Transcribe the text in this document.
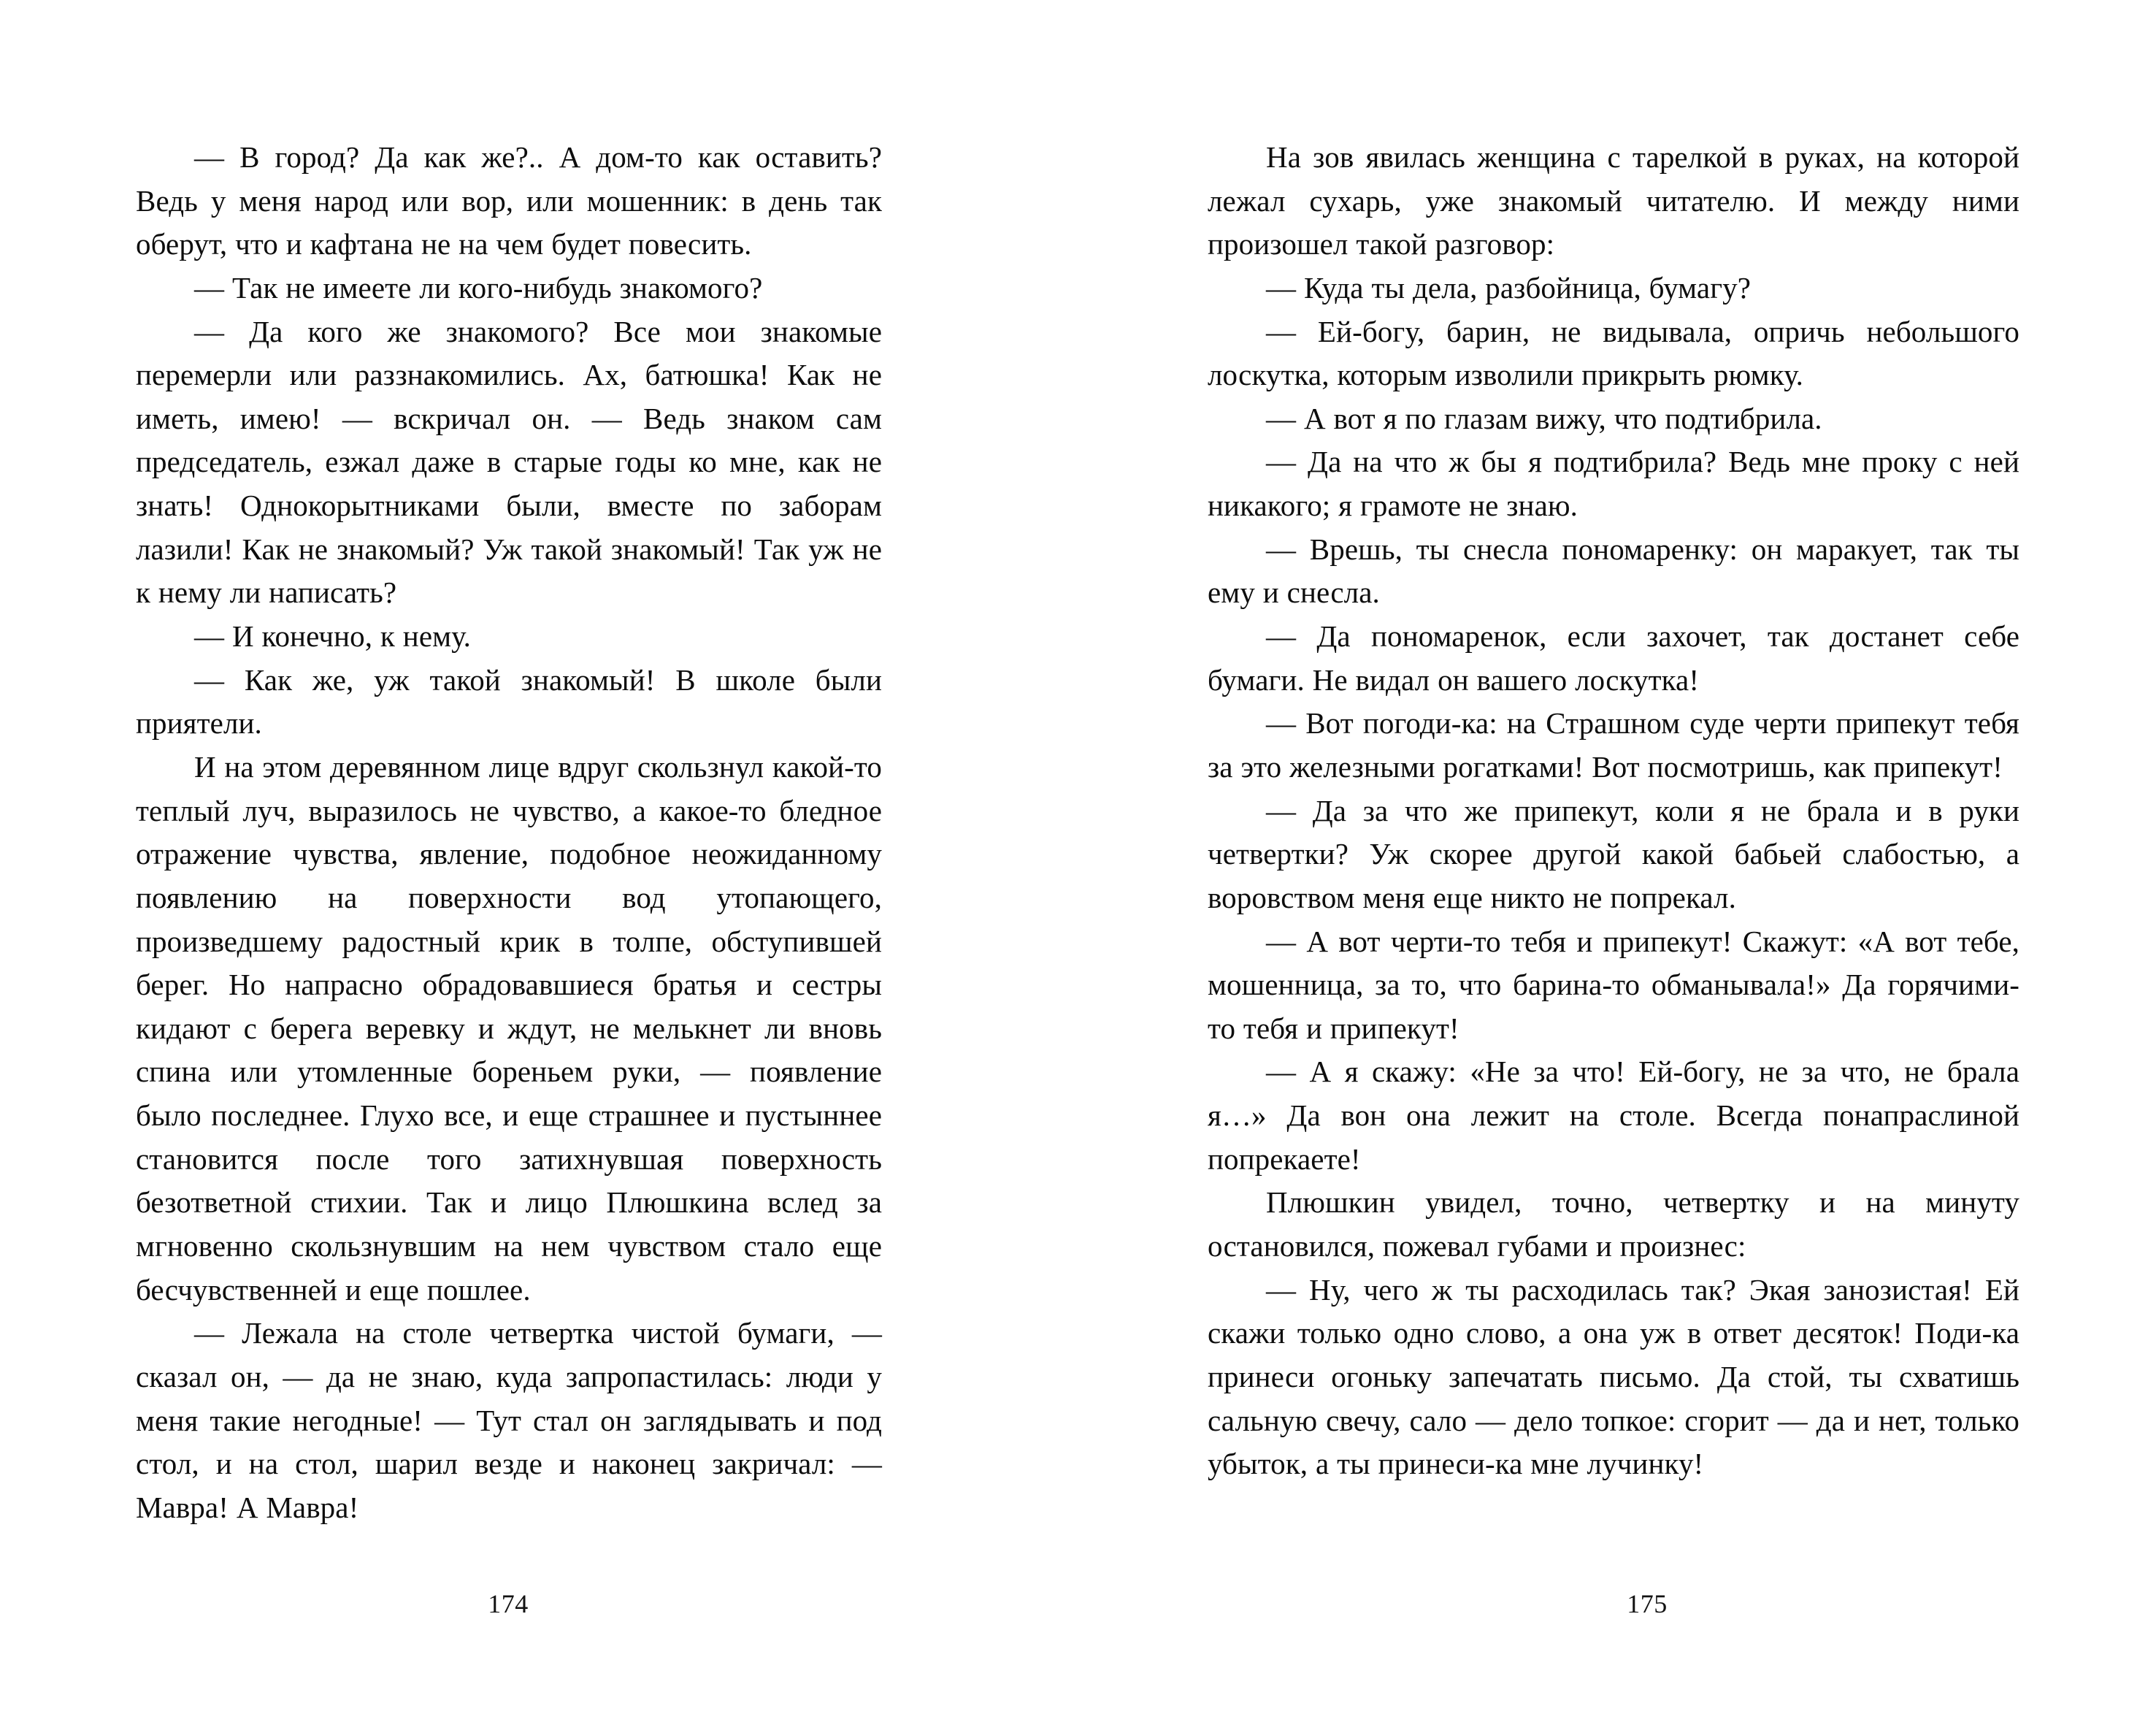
— В город? Да как же?.. А дом-то как оставить? Ведь у меня народ или вор, или мошенник: в день так оберут, что и кафтана не на чем будет повесить.

— Так не имеете ли кого-нибудь знакомого?

— Да кого же знакомого? Все мои знакомые перемерли или раззнакомились. Ах, батюшка! Как не иметь, имею! — вскричал он. — Ведь знаком сам председатель, езжал даже в старые годы ко мне, как не знать! Однокорытниками были, вместе по заборам лазили! Как не знакомый? Уж такой знакомый! Так уж не к нему ли написать?

— И конечно, к нему.

— Как же, уж такой знакомый! В школе были приятели.

И на этом деревянном лице вдруг скользнул какой-то теплый луч, выразилось не чувство, а какое-то бледное отражение чувства, явление, подобное неожиданному появлению на поверхности вод утопающего, произведшему радостный крик в толпе, обступившей берег. Но напрасно обрадовавшиеся братья и сестры кидают с берега веревку и ждут, не мелькнет ли вновь спина или утомленные бореньем руки, — появление было последнее. Глухо все, и еще страшнее и пустыннее становится после того затихнувшая поверхность безответной стихии. Так и лицо Плюшкина вслед за мгновенно скользнувшим на нем чувством стало еще бесчувственней и еще пошлее.

— Лежала на столе четвертка чистой бумаги, — сказал он, — да не знаю, куда запропастилась: люди у меня такие негодные! — Тут стал он заглядывать и под стол, и на стол, шарил везде и наконец закричал: — Мавра! А Мавра!

174

На зов явилась женщина с тарелкой в руках, на которой лежал сухарь, уже знакомый читателю. И между ними произошел такой разговор:

— Куда ты дела, разбойница, бумагу?

— Ей-богу, барин, не видывала, опричь небольшого лоскутка, которым изволили прикрыть рюмку.

— А вот я по глазам вижу, что подтибрила.

— Да на что ж бы я подтибрила? Ведь мне проку с ней никакого; я грамоте не знаю.

— Врешь, ты снесла пономаренку: он маракует, так ты ему и снесла.

— Да пономаренок, если захочет, так достанет себе бумаги. Не видал он вашего лоскутка!

— Вот погоди-ка: на Страшном суде черти припекут тебя за это железными рогатками! Вот посмотришь, как припекут!

— Да за что же припекут, коли я не брала и в руки четвертки? Уж скорее другой какой бабьей слабостью, а воровством меня еще никто не попрекал.

— А вот черти-то тебя и припекут! Скажут: «А вот тебе, мошенница, за то, что барина-то обманывала!» Да горячими-то тебя и припекут!

— А я скажу: «Не за что! Ей-богу, не за что, не брала я…» Да вон она лежит на столе. Всегда понапраслиной попрекаете!

Плюшкин увидел, точно, четвертку и на минуту остановился, пожевал губами и произнес:

— Ну, чего ж ты расходилась так? Экая занозистая! Ей скажи только одно слово, а она уж в ответ десяток! Поди-ка принеси огоньку запечатать письмо. Да стой, ты схватишь сальную свечу, сало — дело топкое: сгорит — да и нет, только убыток, а ты принеси-ка мне лучинку!

175
